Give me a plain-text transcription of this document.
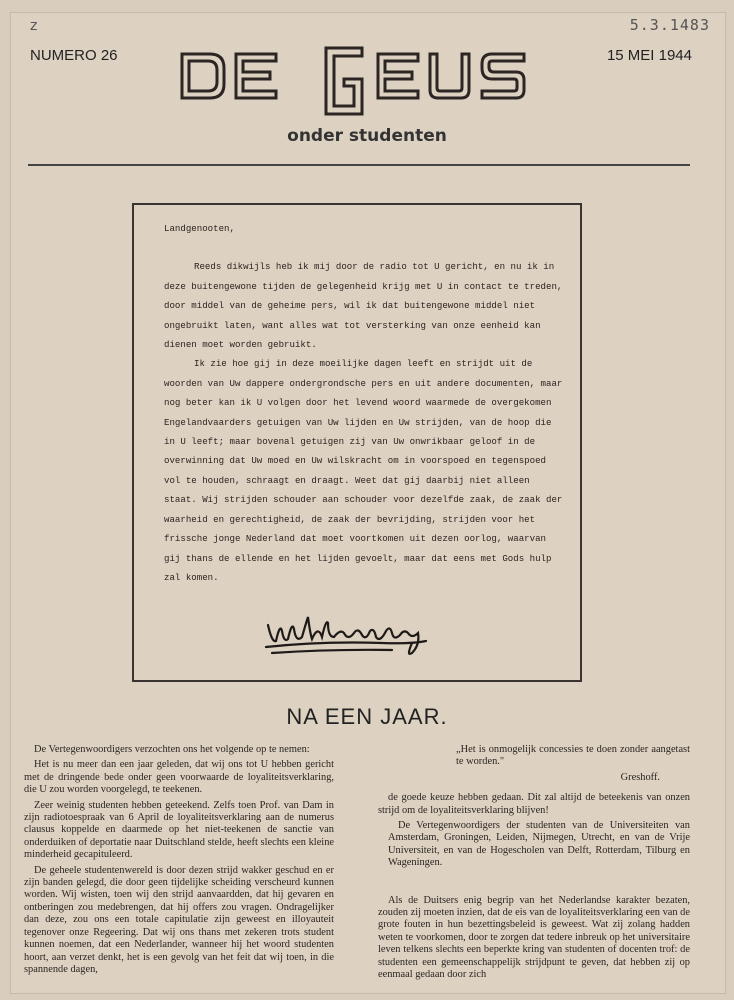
z	5.3.1483
NUMERO 26	15 MEI 1944
DE GEUS
onder studenten

Landgenooten,

Reeds dikwijls heb ik mij door de radio tot U gericht, en nu ik in deze buitengewone tijden de gelegenheid krijg met U in contact te treden, door middel van de geheime pers, wil ik dat buitengewone middel niet ongebruikt laten, want alles wat tot versterking van onze eenheid kan dienen moet worden gebruikt.

Ik zie hoe gij in deze moeilijke dagen leeft en strijdt uit de woorden van Uw dappere ondergrondsche pers en uit andere documenten, maar nog beter kan ik U volgen door het levend woord waarmede de overgekomen Engelandvaarders getuigen van Uw lijden en Uw strijden, van de hoop die in U leeft; maar bovenal getuigen zij van Uw onwrikbaar geloof in de overwinning dat Uw moed en Uw wilskracht om in voorspoed en tegenspoed vol te houden, schraagt en draagt. Weet dat gij daarbij niet alleen staat. Wij strijden schouder aan schouder voor dezelfde zaak, de zaak der waarheid en gerechtigheid, de zaak der bevrijding, strijden voor het frissche jonge Nederland dat moet voortkomen uit dezen oorlog, waarvan gij thans de ellende en het lijden gevoelt, maar dat eens met Gods hulp zal komen.

NA EEN JAAR.

De Vertegenwoordigers verzochten ons het volgende op te nemen:

Het is nu meer dan een jaar geleden, dat wij ons tot U hebben gericht met de dringende bede onder geen voorwaarde de loyaliteitsverklaring, die U zou worden voorgelegd, te teekenen.

Zeer weinig studenten hebben geteekend. Zelfs toen Prof. van Dam in zijn radiotoespraak van 6 April de loyaliteitsverklaring aan de numerus clausus koppelde en daarmede op het niet-teekenen de sanctie van onderduiken of deportatie naar Duitschland stelde, heeft slechts een kleine minderheid gecapituleerd.

De geheele studentenwereld is door dezen strijd wakker geschud en er zijn banden gelegd, die door geen tijdelijke scheiding verscheurd kunnen worden. Wij wisten, toen wij den strijd aanvaardden, dat hij gevaren en ontberingen zou medebrengen, dat hij offers zou vragen. Ondragelijker dan deze, zou ons een totale capitulatie zijn geweest en illoyauteit tegenover onze Regeering. Dat wij ons thans met zekeren trots student kunnen noemen, dat een Nederlander, wanneer hij het woord studenten hoort, aan verzet denkt, het is een gevolg van het feit dat wij toen, in die spannende dagen,

„Het is onmogelijk concessies te doen zonder aangetast te worden."

Greshoff.

de goede keuze hebben gedaan. Dit zal altijd de beteekenis van onzen strijd om de loyaliteitsverklaring blijven!

De Vertegenwoordigers der studenten van de Universiteiten van Amsterdam, Groningen, Leiden, Nijmegen, Utrecht, en van de Vrije Universiteit, en van de Hogescholen van Delft, Rotterdam, Tilburg en Wageningen.

Als de Duitsers enig begrip van het Nederlandse karakter bezaten, zouden zij moeten inzien, dat de eis van de loyaliteitsverklaring een van de grote fouten in hun bezettingsbeleid is geweest. Wat zij zolang hadden weten te voorkomen, door te zorgen dat tedere inbreuk op het universitaire leven telkens slechts een beperkte kring van studenten of docenten trof: de studenten een gemeenschappelijk strijdpunt te geven, dat hebben zij op eenmaal gedaan door zich
